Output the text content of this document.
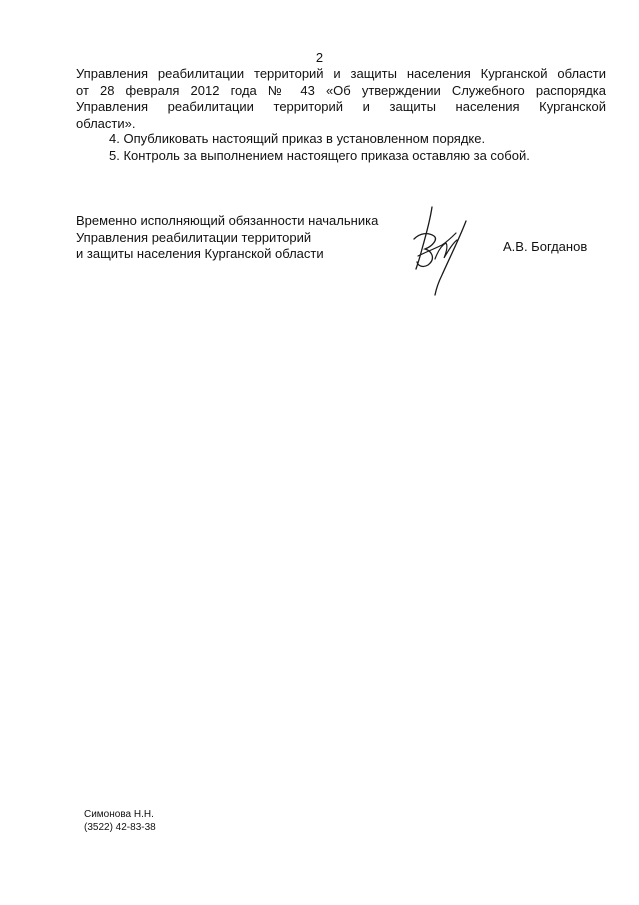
2
Управления реабилитации территорий и защиты населения Курганской области
от 28 февраля 2012 года № 43 «Об утверждении Служебного распорядка
Управления реабилитации территорий и защиты населения Курганской
области».
4. Опубликовать настоящий приказ в установленном порядке.
5. Контроль за выполнением настоящего приказа оставляю за собой.
Временно исполняющий обязанности начальника
Управления реабилитации территорий
и защиты населения Курганской области	А.В. Богданов
Симонова Н.Н.
(3522) 42-83-38
